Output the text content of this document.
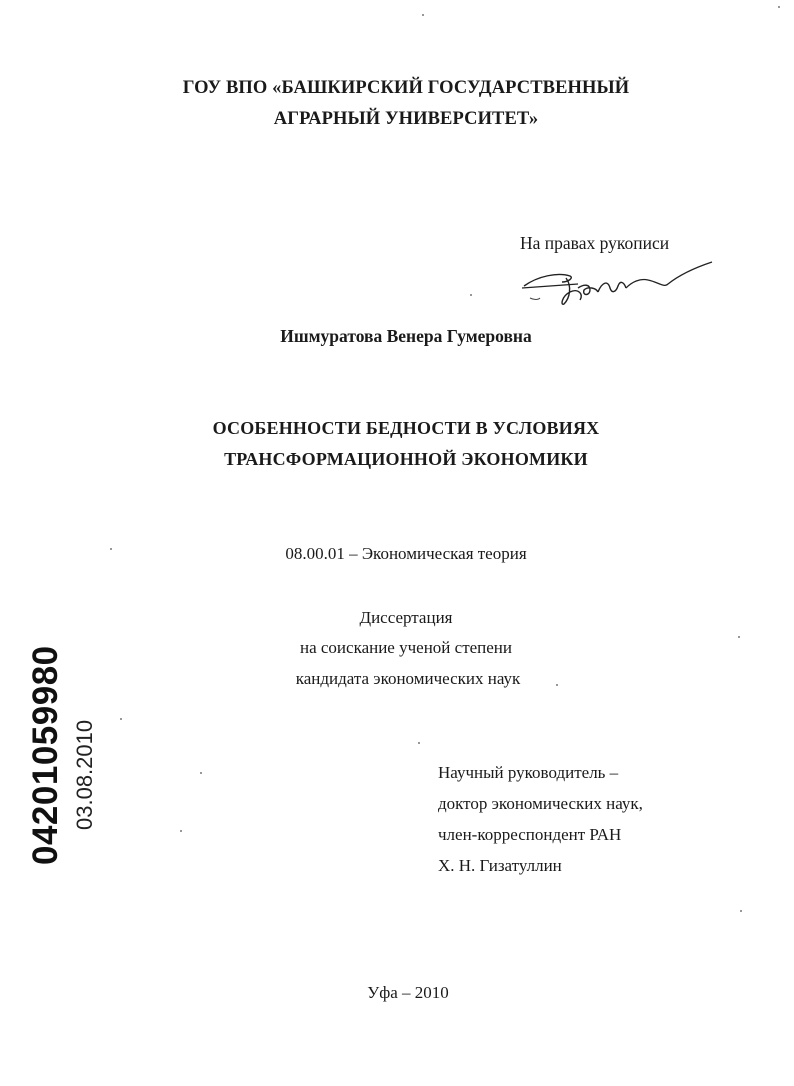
ГОУ ВПО «БАШКИРСКИЙ ГОСУДАРСТВЕННЫЙ
АГРАРНЫЙ УНИВЕРСИТЕТ»
На правах рукописи
Ишмуратова Венера Гумеровна
ОСОБЕННОСТИ БЕДНОСТИ В УСЛОВИЯХ
ТРАНСФОРМАЦИОННОЙ ЭКОНОМИКИ
08.00.01 – Экономическая теория
Диссертация
на соискание ученой степени
кандидата экономических наук
Научный руководитель –
доктор экономических наук,
член-корреспондент РАН
Х. Н. Гизатуллин
Уфа – 2010
04201059980 03.08.2010
